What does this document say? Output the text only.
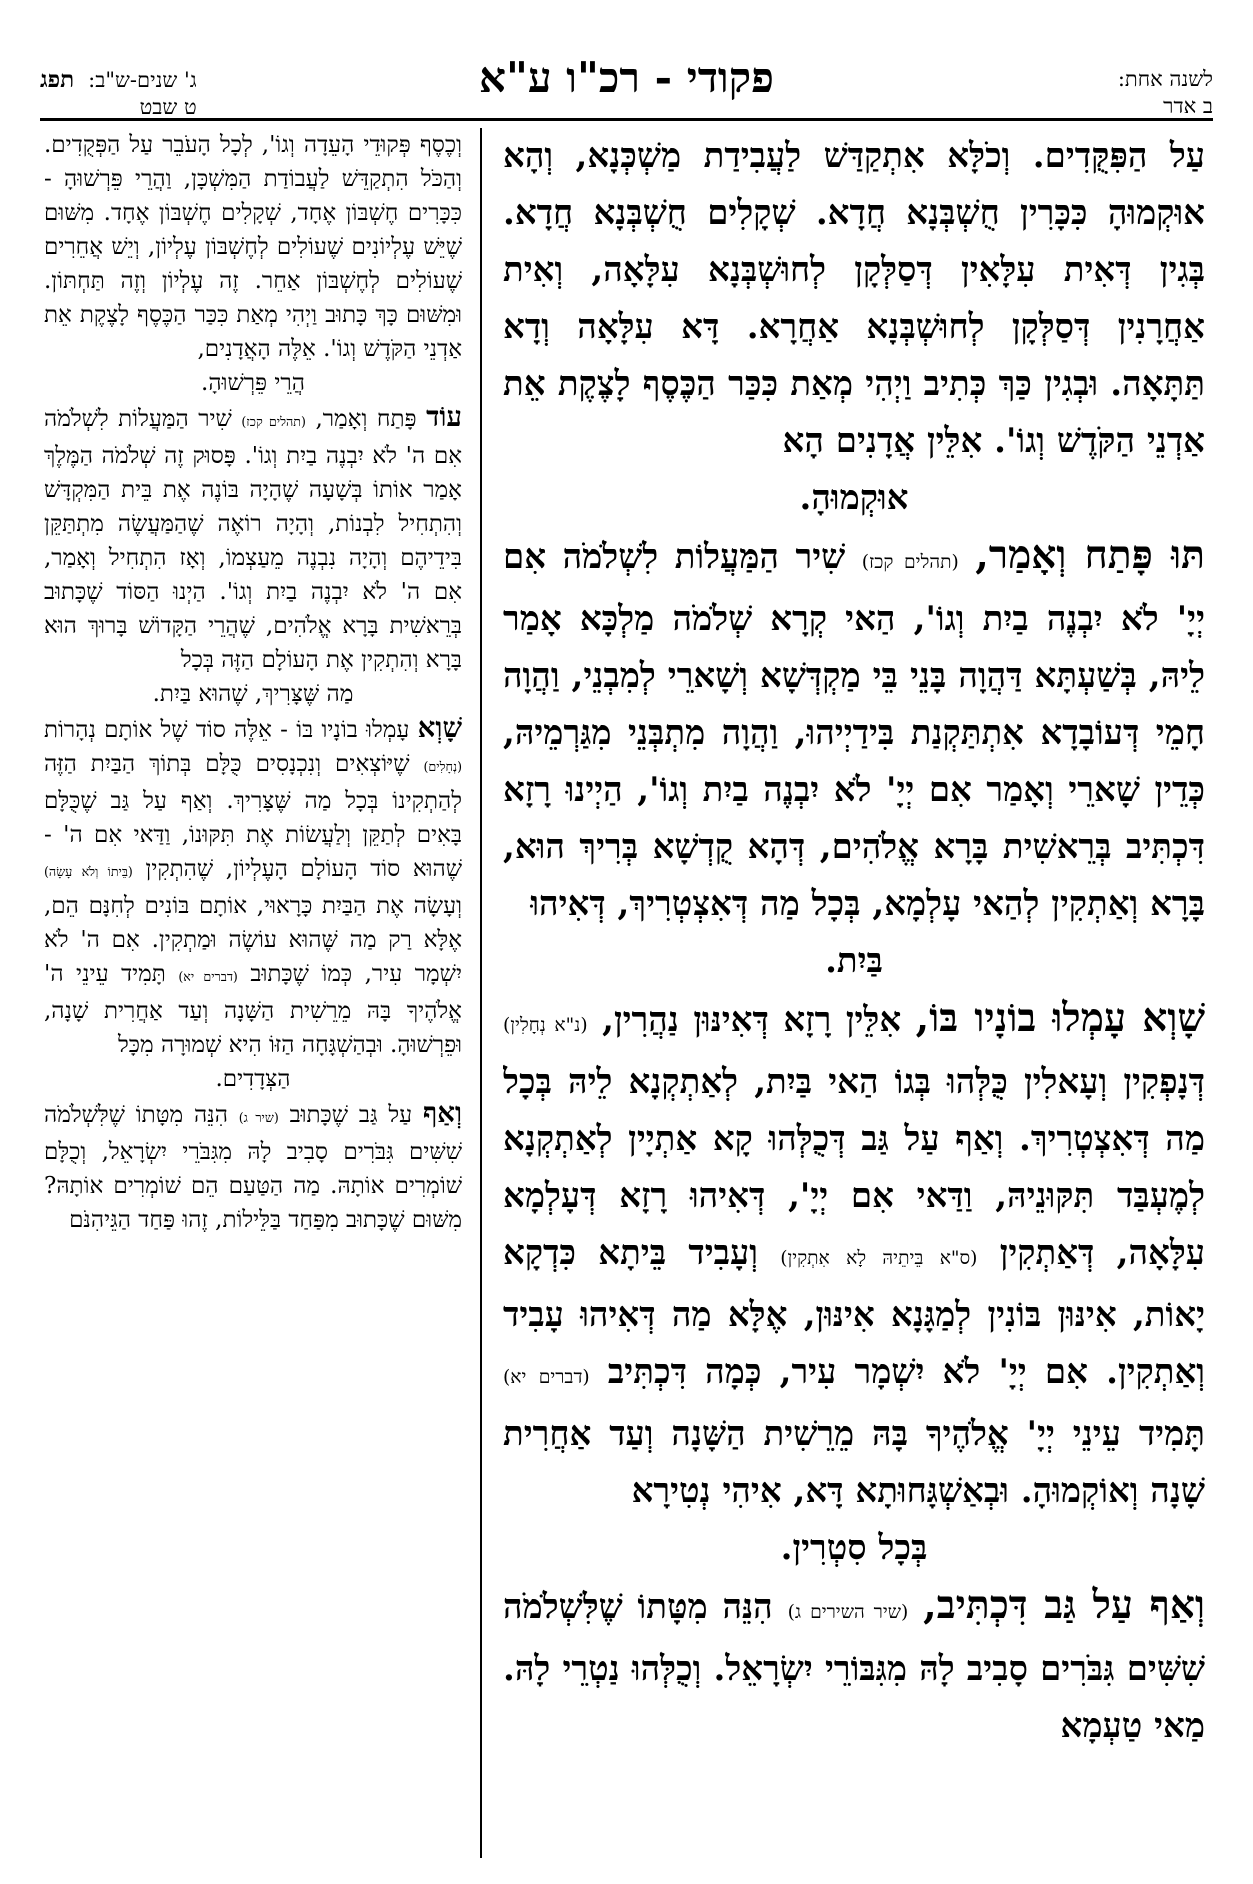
לשנה אחת:
ב אדר
פקודי - רכ"ו ע"א
ג' שנים-ש"ב:
תפג
ט שבט

עַל הַפִּקֻּדִים. וְכֹלָּא אִתְקַדַּשׁ לַעֲבִידַת מַשְׁכְּנָא, וְהָא אוּקְמוּהָ כִּכָּרִין חֻשְׁבְּנָא חֲדָא. שְׁקָלִים חֻשְׁבְּנָא חֲדָא. בְּגִין דְּאִית עִלָּאִין דְּסַלְּקָן לְחוּשְׁבְּנָא עִלָּאָה, וְאִית אַחֲרָנִין דְּסַלְּקָן לְחוּשְׁבְּנָא אַחֲרָא. דָּא עִלָּאָה וְדָא תַּתָּאָה. וּבְגִין כַּךְ כְּתִיב וַיְהִי מְאַת כִּכַּר הַכֶּסֶף לָצֶקֶת אֵת אַדְנֵי הַקֹּדֶשׁ וְגוֹ'. אִלֵּין אֲדָנִים הָא

אוּקְמוּהָ.

תּוּ פָּתַח וְאָמַר, (תהלים קכז) שִׁיר הַמַּעֲלוֹת לִשְׁלֹמֹה אִם יְיָ' לֹא יִבְנֶה בַיִת וְגוֹ', הַאי קְרָא שְׁלֹמֹה מַלְכָּא אָמַר לֵיהּ, בְּשַׁעְתָּא דַּהֲוָה בָּנֵי בֵּי מַקְדְּשָׁא וְשָׁארֵי לְמִבְנֵי, וַהֲוָה חָמֵי דְּעוֹבָדָא אִתְתַּקְנַת בִּידַיְיהוּ, וַהֲוָה מִתְבְּנֵי מִגַּרְמֵיהּ, כְּדֵין שָׁארֵי וְאָמַר אִם יְיָ' לֹא יִבְנֶה בַיִת וְגוֹ', הַיְינוּ רָזָא דִּכְתִּיב בְּרֵאשִׁית בָּרָא אֱלֹהִים, דְּהָא קֻדְשָׁא בְּרִיךְ הוּא, בָּרָא וְאַתְקִין לְהַאי עָלְמָא, בְּכָל מַה דְּאִצְטְרִיךְ, דְּאִיהוּ

בַּיִת.

שָׁוְא עָמְלוּ בוֹנָיו בּוֹ, אִלֵּין רָזָא דְּאִינּוּן נַהֲרִין, (נ"א נְחָלִין) דְּנָפְקִין וְעָאלִין כֻּלְּהוּ בְּגוֹ הַאי בַּיִת, לְאַתְקְנָא לֵיהּ בְּכָל מַה דְּאִצְטְרִיךְ. וְאַף עַל גַּב דְּכֻלְּהוּ קָא אַתְיָין לְאַתְקְנָא לְמֶעְבַּד תִּקּוּנֵיהּ, וַדַּאי אִם יְיָ', דְּאִיהוּ רָזָא דְּעָלְמָא עִלָּאָה, דְּאַתְקִין (ס"א בֵּיתֵיהּ לָא אִתְקִין) וְעָבִיד בֵּיתָא כִּדְקָא יָאוֹת, אִינּוּן בּוֹנִין לְמַגָּנָא אִינּוּן, אֶלָּא מַה דְּאִיהוּ עָבִיד וְאַתְקִין. אִם יְיָ' לֹא יִשְׁמָר עִיר, כְּמָה דִּכְתִּיב (דברים יא) תָּמִיד עֵינֵי יְיָ' אֱלֹהֶיךָ בָּהּ מֵרֵשִׁית הַשָּׁנָה וְעַד אַחֲרִית שָׁנָה וְאוֹקְמוּהָ. וּבְאַשְׁגָּחוּתָא דָּא, אִיהִי נְטִירָא

בְּכָל סִטְרִין.

וְאַף עַל גַּב דִּכְתִּיב, (שיר השירים ג) הִנֵּה מִטָּתוֹ שֶׁלִּשְׁלֹמֹה שִׁשִּׁים גִּבֹּרִים סָבִיב לָהּ מִגִּבּוֹרֵי יִשְׂרָאֵל. וְכֻלְּהוּ נַטְרֵי לָהּ. מַאי טַעְמָא

וְכֶסֶף פְּקוּדֵי הָעֵדָה וְגוֹ', לְכָל הָעֹבֵר עַל הַפְּקֻדִים. וְהַכֹּל הִתְקַדֵּשׁ לַעֲבוֹדַת הַמִּשְׁכָּן, וַהֲרֵי פֵּרְשׁוּהָ - כִּכָּרִים חֶשְׁבּוֹן אֶחָד, שְׁקָלִים חֶשְׁבּוֹן אֶחָד. מִשּׁוּם שֶׁיֵּשׁ עֶלְיוֹנִים שֶׁעוֹלִים לְחֶשְׁבּוֹן עֶלְיוֹן, וְיֵשׁ אֲחֵרִים שֶׁעוֹלִים לְחֶשְׁבּוֹן אַחֵר. זֶה עֶלְיוֹן וְזֶה תַּחְתּוֹן. וּמִשּׁוּם כָּךְ כָּתוּב וַיְהִי מְאַת כִּכַּר הַכֶּסֶף לָצֶקֶת אֵת אַדְנֵי הַקֹּדֶשׁ וְגוֹ'. אֵלֶּה הָאֲדָנִים,

הֲרֵי פֵּרְשׁוּהָ.

עוֹד פָּתַח וְאָמַר, (תהלים קכז) שִׁיר הַמַּעֲלוֹת לִשְׁלֹמֹה אִם ה' לֹא יִבְנֶה בַיִת וְגוֹ'. פָּסוּק זֶה שְׁלֹמֹה הַמֶּלֶךְ אָמַר אוֹתוֹ בְּשָׁעָה שֶׁהָיָה בּוֹנֶה אֶת בֵּית הַמִּקְדָּשׁ וְהִתְחִיל לִבְנוֹת, וְהָיָה רוֹאֶה שֶׁהַמַּעֲשֶׂה מִתְתַּקֵּן בִּידֵיהֶם וְהָיָה נִבְנֶה מֵעַצְמוֹ, וְאָז הִתְחִיל וְאָמַר, אִם ה' לֹא יִבְנֶה בַיִת וְגוֹ'. הַיְנוּ הַסּוֹד שֶׁכָּתוּב בְּרֵאשִׁית בָּרָא אֱלֹהִים, שֶׁהֲרֵי הַקָּדוֹשׁ בָּרוּךְ הוּא בָּרָא וְהִתְקִין אֶת הָעוֹלָם הַזֶּה בְּכָל

מַה שֶּׁצָּרִיךְ, שֶׁהוּא בַּיִת.

שָׁוְא עָמְלוּ בוֹנָיו בּוֹ - אֵלֶּה סוֹד שֶׁל אוֹתָם נְהָרוֹת (נְחָלִים) שֶׁיּוֹצְאִים וְנִכְנָסִים כֻּלָּם בְּתוֹךְ הַבַּיִת הַזֶּה לְהַתְקִינוֹ בְּכָל מַה שֶּׁצָּרִיךְ. וְאַף עַל גַּב שֶׁכֻּלָּם בָּאִים לְתַקֵּן וְלַעֲשׂוֹת אֶת תִּקּוּנוֹ, וַדַּאי אִם ה' - שֶׁהוּא סוֹד הָעוֹלָם הָעֶלְיוֹן, שֶׁהִתְקִין (בֵּיתוֹ וְלֹא עָשָׂה) וְעָשָׂה אֶת הַבַּיִת כָּרָאוּי, אוֹתָם בּוֹנִים לְחִנָּם הֵם, אֶלָּא רַק מַה שֶּׁהוּא עוֹשֶׂה וּמַתְקִין. אִם ה' לֹא יִשְׁמָר עִיר, כְּמוֹ שֶׁכָּתוּב (דברים יא) תָּמִיד עֵינֵי ה' אֱלֹהֶיךָ בָּהּ מֵרֵשִׁית הַשָּׁנָה וְעַד אַחֲרִית שָׁנָה, וּפֵרְשׁוּהָ. וּבְהַשְׁגָּחָה הַזּוֹ הִיא שְׁמוּרָה מִכָּל

הַצְּדָדִים.

וְאַף עַל גַּב שֶׁכָּתוּב (שיר ג) הִנֵּה מִטָּתוֹ שֶׁלִּשְׁלֹמֹה שִׁשִּׁים גִּבֹּרִים סָבִיב לָהּ מִגִּבֹּרֵי יִשְׂרָאֵל, וְכֻלָּם שׁוֹמְרִים אוֹתָהּ. מַה הַטַּעַם הֵם שׁוֹמְרִים אוֹתָהּ? מִשּׁוּם שֶׁכָּתוּב מִפַּחַד בַּלֵּילוֹת, זֶהוּ פַּחַד הַגֵּיהִנֹּם
